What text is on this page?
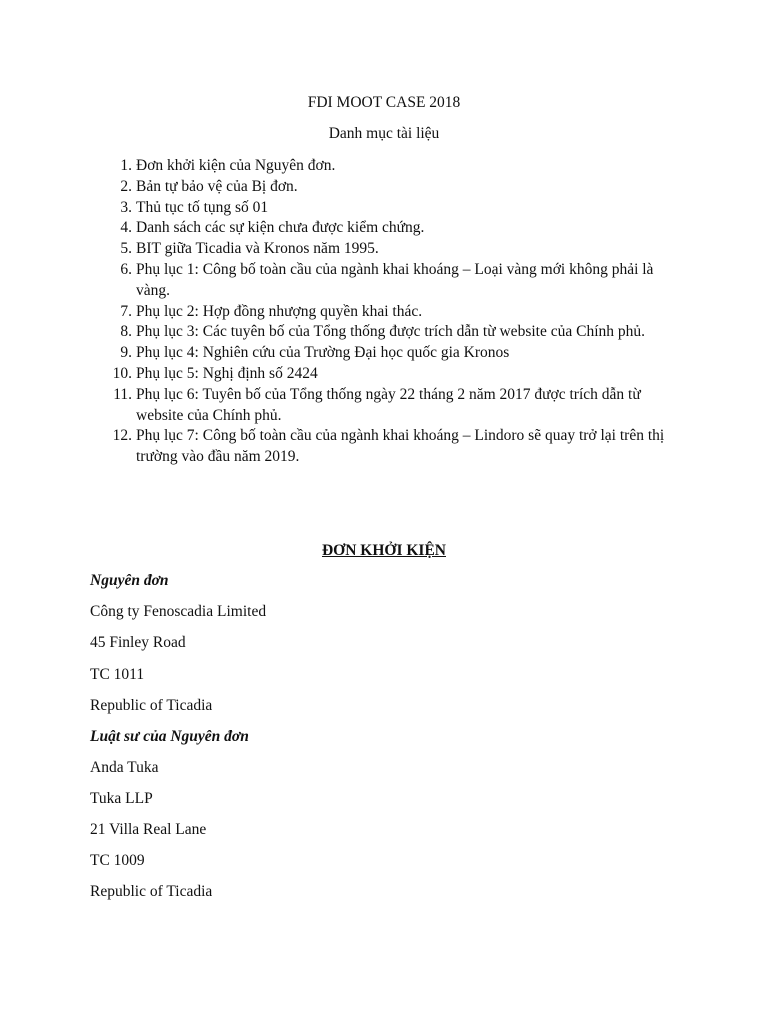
FDI MOOT CASE 2018
Danh mục tài liệu
1. Đơn khởi kiện của Nguyên đơn.
2. Bản tự bảo vệ của Bị đơn.
3. Thủ tục tố tụng số 01
4. Danh sách các sự kiện chưa được kiểm chứng.
5. BIT giữa Ticadia và Kronos năm 1995.
6. Phụ lục 1: Công bố toàn cầu của ngành khai khoáng – Loại vàng mới không phải là vàng.
7. Phụ lục 2: Hợp đồng nhượng quyền khai thác.
8. Phụ lục 3: Các tuyên bố của Tổng thống được trích dẫn từ website của Chính phủ.
9. Phụ lục 4: Nghiên cứu của Trường Đại học quốc gia Kronos
10. Phụ lục 5: Nghị định số 2424
11. Phụ lục 6: Tuyên bố của Tổng thống ngày 22 tháng 2 năm 2017 được trích dẫn từ website của Chính phủ.
12. Phụ lục 7: Công bố toàn cầu của ngành khai khoáng – Lindoro sẽ quay trở lại trên thị trường vào đầu năm 2019.
ĐƠN KHỞI KIỆN
Nguyên đơn
Công ty Fenoscadia Limited
45 Finley Road
TC 1011
Republic of Ticadia
Luật sư của Nguyên đơn
Anda Tuka
Tuka LLP
21 Villa Real Lane
TC 1009
Republic of Ticadia
